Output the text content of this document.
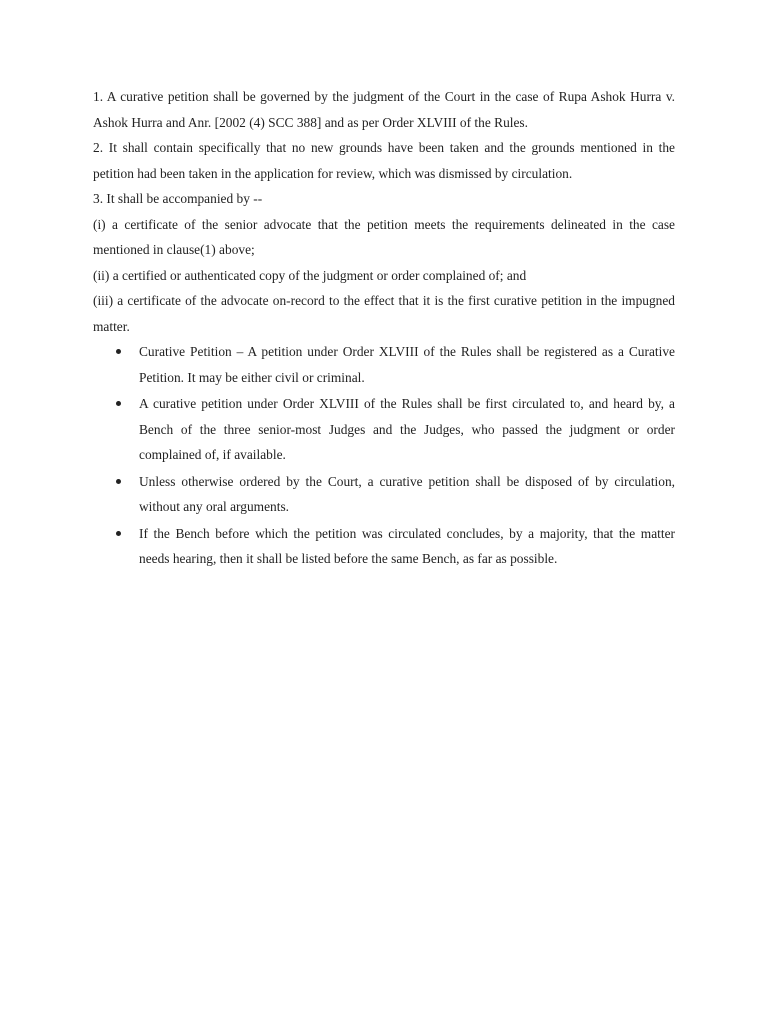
1. A curative petition shall be governed by the judgment of the Court in the case of Rupa Ashok Hurra v. Ashok Hurra and Anr. [2002 (4) SCC 388] and as per Order XLVIII of the Rules.

2. It shall contain specifically that no new grounds have been taken and the grounds mentioned in the petition had been taken in the application for review, which was dismissed by circulation.

3. It shall be accompanied by --

(i) a certificate of the senior advocate that the petition meets the requirements delineated in the case mentioned in clause(1) above;

(ii) a certified or authenticated copy of the judgment or order complained of; and

(iii) a certificate of the advocate on-record to the effect that it is the first curative petition in the impugned matter.

Curative Petition – A petition under Order XLVIII of the Rules shall be registered as a Curative Petition. It may be either civil or criminal.
A curative petition under Order XLVIII of the Rules shall be first circulated to, and heard by, a Bench of the three senior-most Judges and the Judges, who passed the judgment or order complained of, if available.
Unless otherwise ordered by the Court, a curative petition shall be disposed of by circulation, without any oral arguments.
If the Bench before which the petition was circulated concludes, by a majority, that the matter needs hearing, then it shall be listed before the same Bench, as far as possible.
